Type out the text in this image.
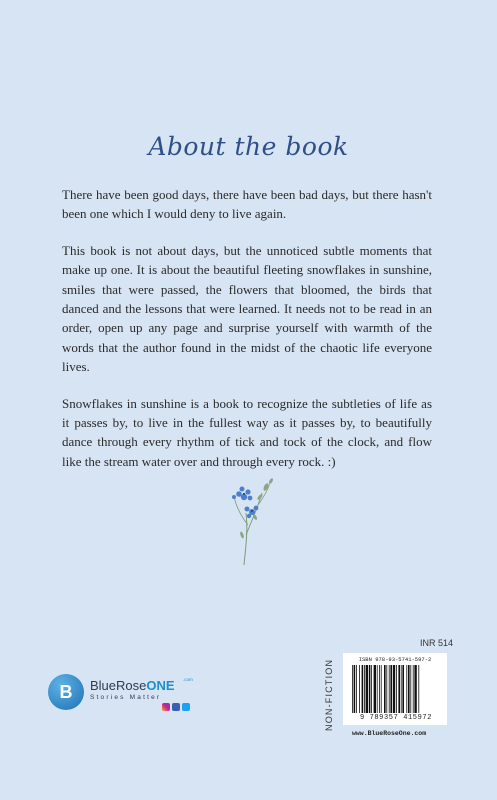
About the book

There have been good days, there have been bad days, but there hasn't been one which I would deny to live again.

This book is not about days, but the unnoticed subtle moments that make up one. It is about the beautiful fleeting snowflakes in sunshine, smiles that were passed, the flowers that bloomed, the birds that danced and the lessons that were learned. It needs not to be read in an order, open up any page and surprise yourself with warmth of the words that the author found in the midst of the chaotic life everyone lives.

Snowflakes in sunshine is a book to recognize the subtleties of life as it passes by, to live in the fullest way as it passes by, to beautifully dance through every rhythm of tick and tock of the clock, and flow like the stream water over and through every rock. :)

B	BlueRoseONE .com
Stories Matter
INR 514
NON-FICTION	ISBN 978-93-5741-597-2
9 789357 415972
www.BlueRoseOne.com
